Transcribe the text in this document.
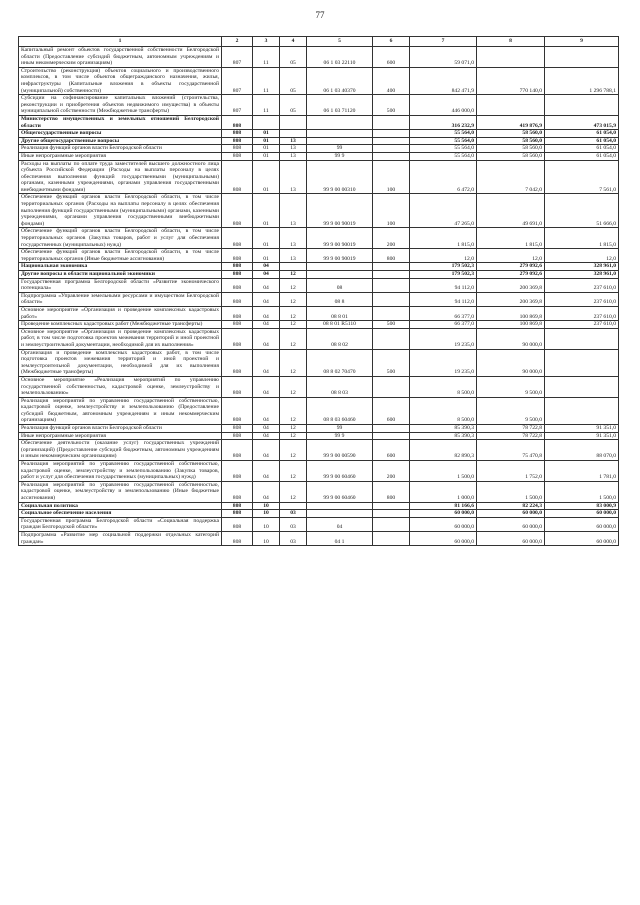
77
1	2	3	4	5	6	7	8	9
Капитальный ремонт объектов государственной собственности Белгородской области (Предоставление субсидий бюджетным, автономным учреждениям и иным некоммерческим организациям)	807	11	05	06 1 03 22110	600	59 071,0		
Строительство (реконструкция) объектов социального и производственного комплексов, в том числе объектов общегражданского назначения, жилья, инфраструктуры (Капитальные вложения в объекты государственной (муниципальной) собственности)	807	11	05	06 1 03 40370	400	842 471,9	770 140,0	1 296 788,1
Субсидии на софинансирование капитальных вложений (строительства, реконструкции и приобретения объектов недвижимого имущества) в объекты муниципальной собственности (Межбюджетные трансферты)	807	11	05	06 1 03 71120	500	446 000,0		
Министерство имущественных и земельных отношений Белгородской области	808					316 232,9	419 876,9	473 015,9
Общегосударственные вопросы	808	01				55 564,0	58 560,0	61 054,0
Другие общегосударственные вопросы	808	01	13			55 564,0	58 560,0	61 054,0
Реализация функций органов власти Белгородской области	808	01	13	99		55 564,0	58 560,0	61 054,0
Иные непрограммные мероприятия	808	01	13	99 9		55 564,0	58 560,0	61 054,0
Расходы на выплаты по оплате труда заместителей высшего должностного лица субъекта Российской Федерации (Расходы на выплаты персоналу в целях обеспечения выполнения функций государственными (муниципальными) органами, казенными учреждениями, органами управления государственными внебюджетными фондами)	808	01	13	99 9 00 00310	100	6 472,0	7 042,0	7 561,0
Обеспечение функций органов власти Белгородской области, в том числе территориальных органов (Расходы на выплаты персоналу в целях обеспечения выполнения функций государственными (муниципальными) органами, казенными учреждениями, органами управления государственными внебюджетными фондами)	808	01	13	99 9 00 90019	100	47 265,0	49 691,0	51 666,0
Обеспечение функций органов власти Белгородской области, в том числе территориальных органов (Закупка товаров, работ и услуг для обеспечения государственных (муниципальных) нужд)	808	01	13	99 9 00 90019	200	1 815,0	1 815,0	1 815,0
Обеспечение функций органов власти Белгородской области, в том числе территориальных органов (Иные бюджетные ассигнования)	808	01	13	99 9 00 90019	800	12,0	12,0	12,0
Национальная экономика	808	04				179 502,3	279 092,6	328 961,0
Другие вопросы в области национальной экономики	808	04	12			179 502,3	279 092,6	328 961,0
Государственная программа Белгородской области «Развитие экономического потенциала»	808	04	12	08		94 112,0	200 369,8	237 610,0
Подпрограмма «Управление земельными ресурсами и имуществом Белгородской области»	808	04	12	08 8		94 112,0	200 369,8	237 610,0
Основное мероприятие «Организация и проведение комплексных кадастровых работ»	808	04	12	08 8 01		66 377,0	100 869,8	237 610,0
Проведение комплексных кадастровых работ (Межбюджетные трансферты)	808	04	12	08 8 01 R5110	500	66 377,0	100 869,8	237 610,0
Основное мероприятие «Организация и проведение комплексных кадастровых работ, в том числе подготовка проектов межевания территорий и иной проектной и землеустроительной документации, необходимой для их выполнения»	808	04	12	08 8 02		19 235,0	90 000,0	
Организация и проведение комплексных кадастровых работ, в том числе подготовка проектов межевания территорий и иной проектной и землеустроительной документации, необходимой для их выполнения (Межбюджетные трансферты)	808	04	12	08 8 02 70470	500	19 235,0	90 000,0	
Основное мероприятие «Реализация мероприятий по управлению государственной собственностью, кадастровой оценке, землеустройству и землепользованию»	808	04	12	08 8 03		8 500,0	9 500,0	
Реализация мероприятий по управлению государственной собственностью, кадастровой оценке, землеустройству и землепользованию (Предоставление субсидий бюджетным, автономным учреждениям и иным некоммерческим организациям)	808	04	12	08 8 03 60460	600	8 500,0	9 500,0	
Реализация функций органов власти Белгородской области	808	04	12	99		85 390,3	78 722,8	91 351,0
Иные непрограммные мероприятия	808	04	12	99 9		85 390,3	78 722,8	91 351,0
Обеспечение деятельности (оказание услуг) государственных учреждений (организаций) (Предоставление субсидий бюджетным, автономным учреждениям и иным некоммерческим организациям)	808	04	12	99 9 00 00590	600	82 890,3	75 470,8	88 070,0
Реализация мероприятий по управлению государственной собственностью, кадастровой оценке, землеустройству и землепользованию (Закупка товаров, работ и услуг для обеспечения государственных (муниципальных) нужд)	808	04	12	99 9 00 60460	200	1 500,0	1 752,0	1 781,0
Реализация мероприятий по управлению государственной собственностью, кадастровой оценке, землеустройству и землепользованию (Иные бюджетные ассигнования)	808	04	12	99 9 00 60460	800	1 000,0	1 500,0	1 500,0
Социальная политика	808	10				81 166,6	82 224,3	83 000,9
Социальное обеспечение населения	808	10	03			60 000,0	60 000,0	60 000,0
Государственная программа Белгородской области «Социальная поддержка граждан Белгородской области»	808	10	03	04		60 000,0	60 000,0	60 000,0
Подпрограмма «Развитие мер социальной поддержки отдельных категорий граждан»	808	10	03	04 1		60 000,0	60 000,0	60 000,0
